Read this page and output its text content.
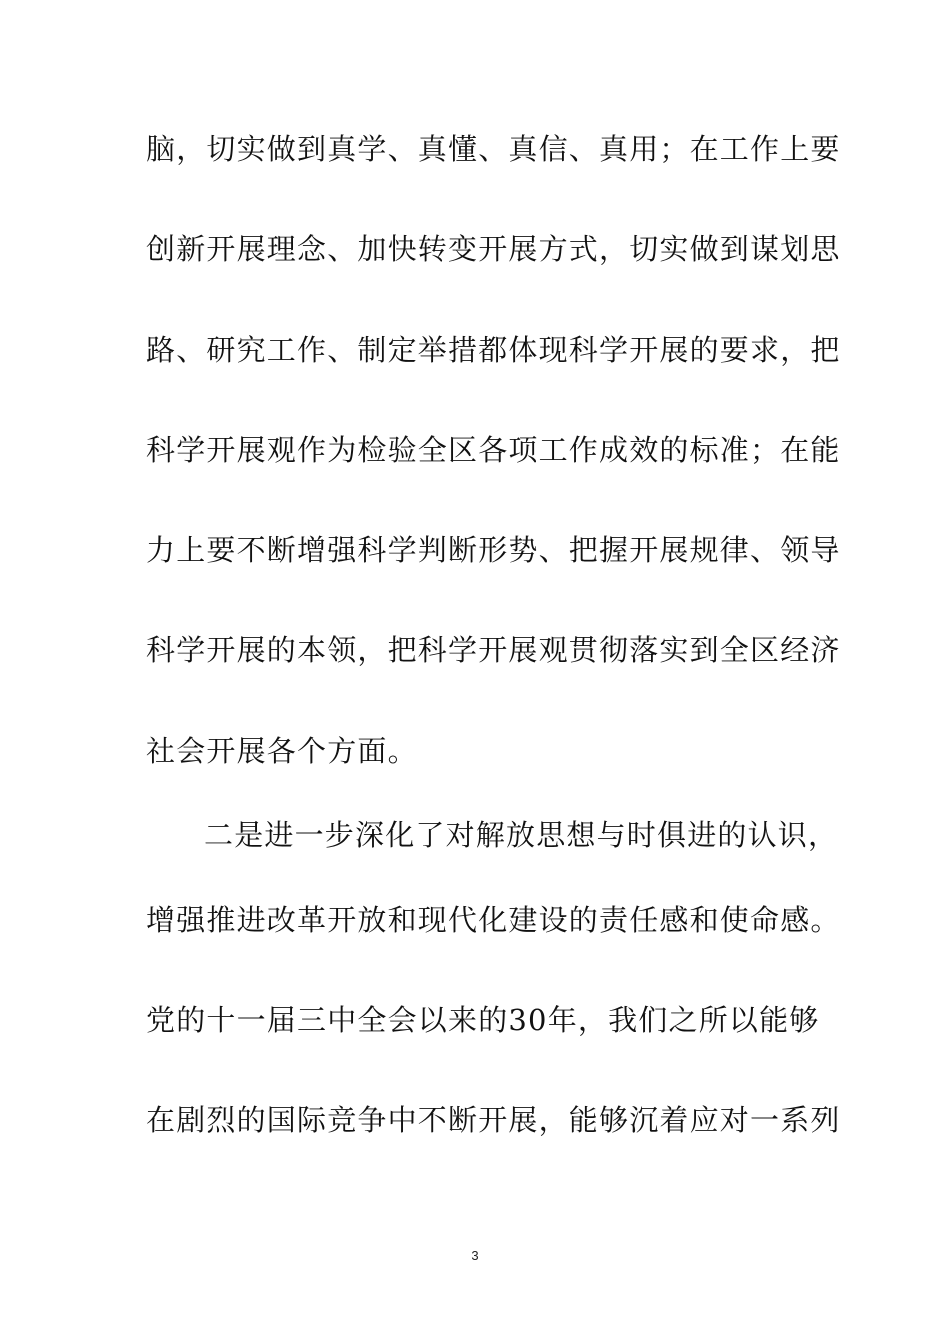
脑，切实做到真学、真懂、真信、真用；在工作上要
创新开展理念、加快转变开展方式，切实做到谋划思
路、研究工作、制定举措都体现科学开展的要求，把
科学开展观作为检验全区各项工作成效的标准；在能
力上要不断增强科学判断形势、把握开展规律、领导
科学开展的本领，把科学开展观贯彻落实到全区经济
社会开展各个方面。
二是进一步深化了对解放思想与时俱进的认识，
增强推进改革开放和现代化建设的责任感和使命感。
党的十一届三中全会以来的30年，我们之所以能够
在剧烈的国际竞争中不断开展，能够沉着应对一系列
3
